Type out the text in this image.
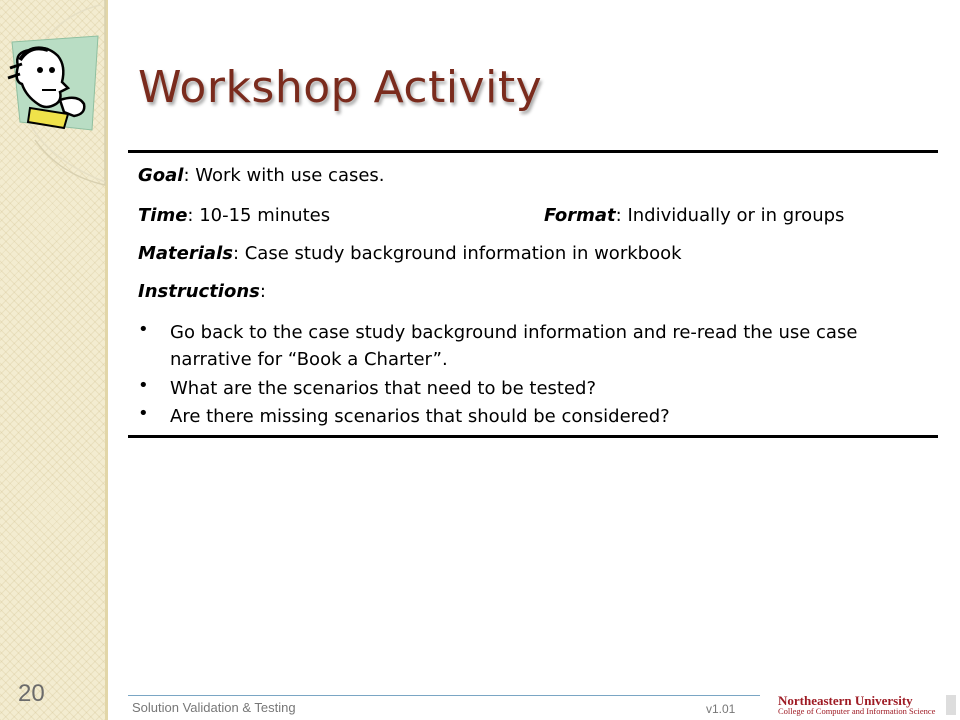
Workshop Activity
Goal: Work with use cases.
Time: 10-15 minutes	Format: Individually or in groups
Materials: Case study background information in workbook
Instructions:
• Go back to the case study background information and re-read the use case narrative for “Book a Charter”.
• What are the scenarios that need to be tested?
• Are there missing scenarios that should be considered?
20
Solution Validation & Testing	v1.01
Northeastern University
College of Computer and Information Science
